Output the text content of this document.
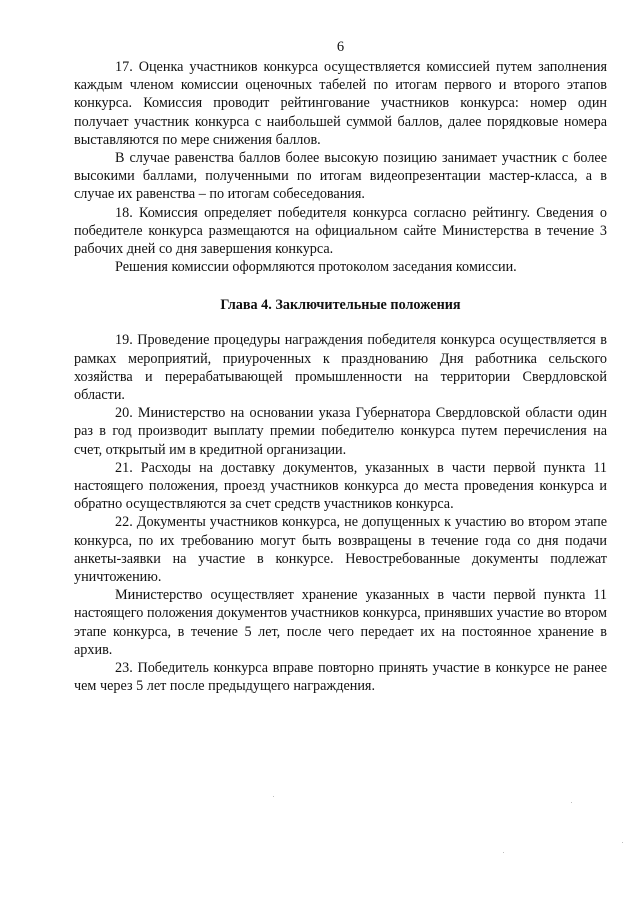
6

17. Оценка участников конкурса осуществляется комиссией путем заполнения каждым членом комиссии оценочных табелей по итогам первого и второго этапов конкурса. Комиссия проводит рейтингование участников конкурса: номер один получает участник конкурса с наибольшей суммой баллов, далее порядковые номера выставляются по мере снижения баллов.

В случае равенства баллов более высокую позицию занимает участник с более высокими баллами, полученными по итогам видеопрезентации мастер-класса, а в случае их равенства – по итогам собеседования.

18. Комиссия определяет победителя конкурса согласно рейтингу. Сведения о победителе конкурса размещаются на официальном сайте Министерства в течение 3 рабочих дней со дня завершения конкурса.

Решения комиссии оформляются протоколом заседания комиссии.

Глава 4. Заключительные положения

19. Проведение процедуры награждения победителя конкурса осуществляется в рамках мероприятий, приуроченных к празднованию Дня работника сельского хозяйства и перерабатывающей промышленности на территории Свердловской области.

20. Министерство на основании указа Губернатора Свердловской области один раз в год производит выплату премии победителю конкурса путем перечисления на счет, открытый им в кредитной организации.

21. Расходы на доставку документов, указанных в части первой пункта 11 настоящего положения, проезд участников конкурса до места проведения конкурса и обратно осуществляются за счет средств участников конкурса.

22. Документы участников конкурса, не допущенных к участию во втором этапе конкурса, по их требованию могут быть возвращены в течение года со дня подачи анкеты-заявки на участие в конкурсе. Невостребованные документы подлежат уничтожению.

Министерство осуществляет хранение указанных в части первой пункта 11 настоящего положения документов участников конкурса, принявших участие во втором этапе конкурса, в течение 5 лет, после чего передает их на постоянное хранение в архив.

23. Победитель конкурса вправе повторно принять участие в конкурсе не ранее чем через 5 лет после предыдущего награждения.
